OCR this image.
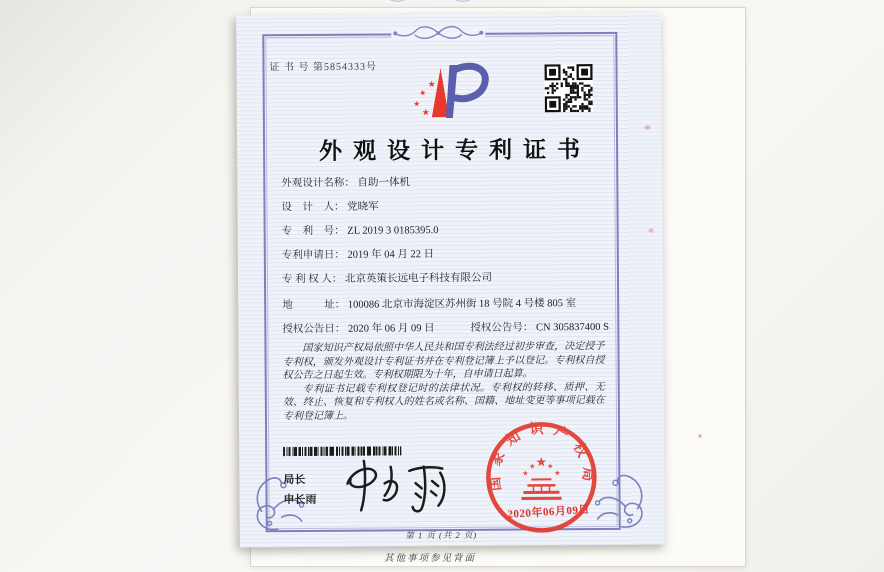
其他事项参见背面
证 书 号 第5854333号
★
★
★
★
★
外观设计专利证书
外观设计名称： 自助一体机
设　计　人： 党晓军
专　利　号： ZL 2019 3 0185395.0
专利申请日： 2019 年 04 月 22 日
专 利 权 人： 北京英策长远电子科技有限公司
地　　　址： 100086 北京市海淀区苏州街 18 号院 4 号楼 805 室
授权公告日： 2020 年 06 月 09 日	授权公告号： CN 305837400 S

国家知识产权局依照中华人民共和国专利法经过初步审查，决定授予专利权，颁发外观设计专利证书并在专利登记簿上予以登记。专利权自授权公告之日起生效。专利权期限为十年，自申请日起算。

专利证书记载专利权登记时的法律状况。专利权的转移、质押、无效、终止、恢复和专利权人的姓名或名称、国籍、地址变更等事项记载在专利登记簿上。

局长
申长雨
国家知识产权局
★
★
★ ★
★
2020年06月09日
第 1 页 (共 2 页)
